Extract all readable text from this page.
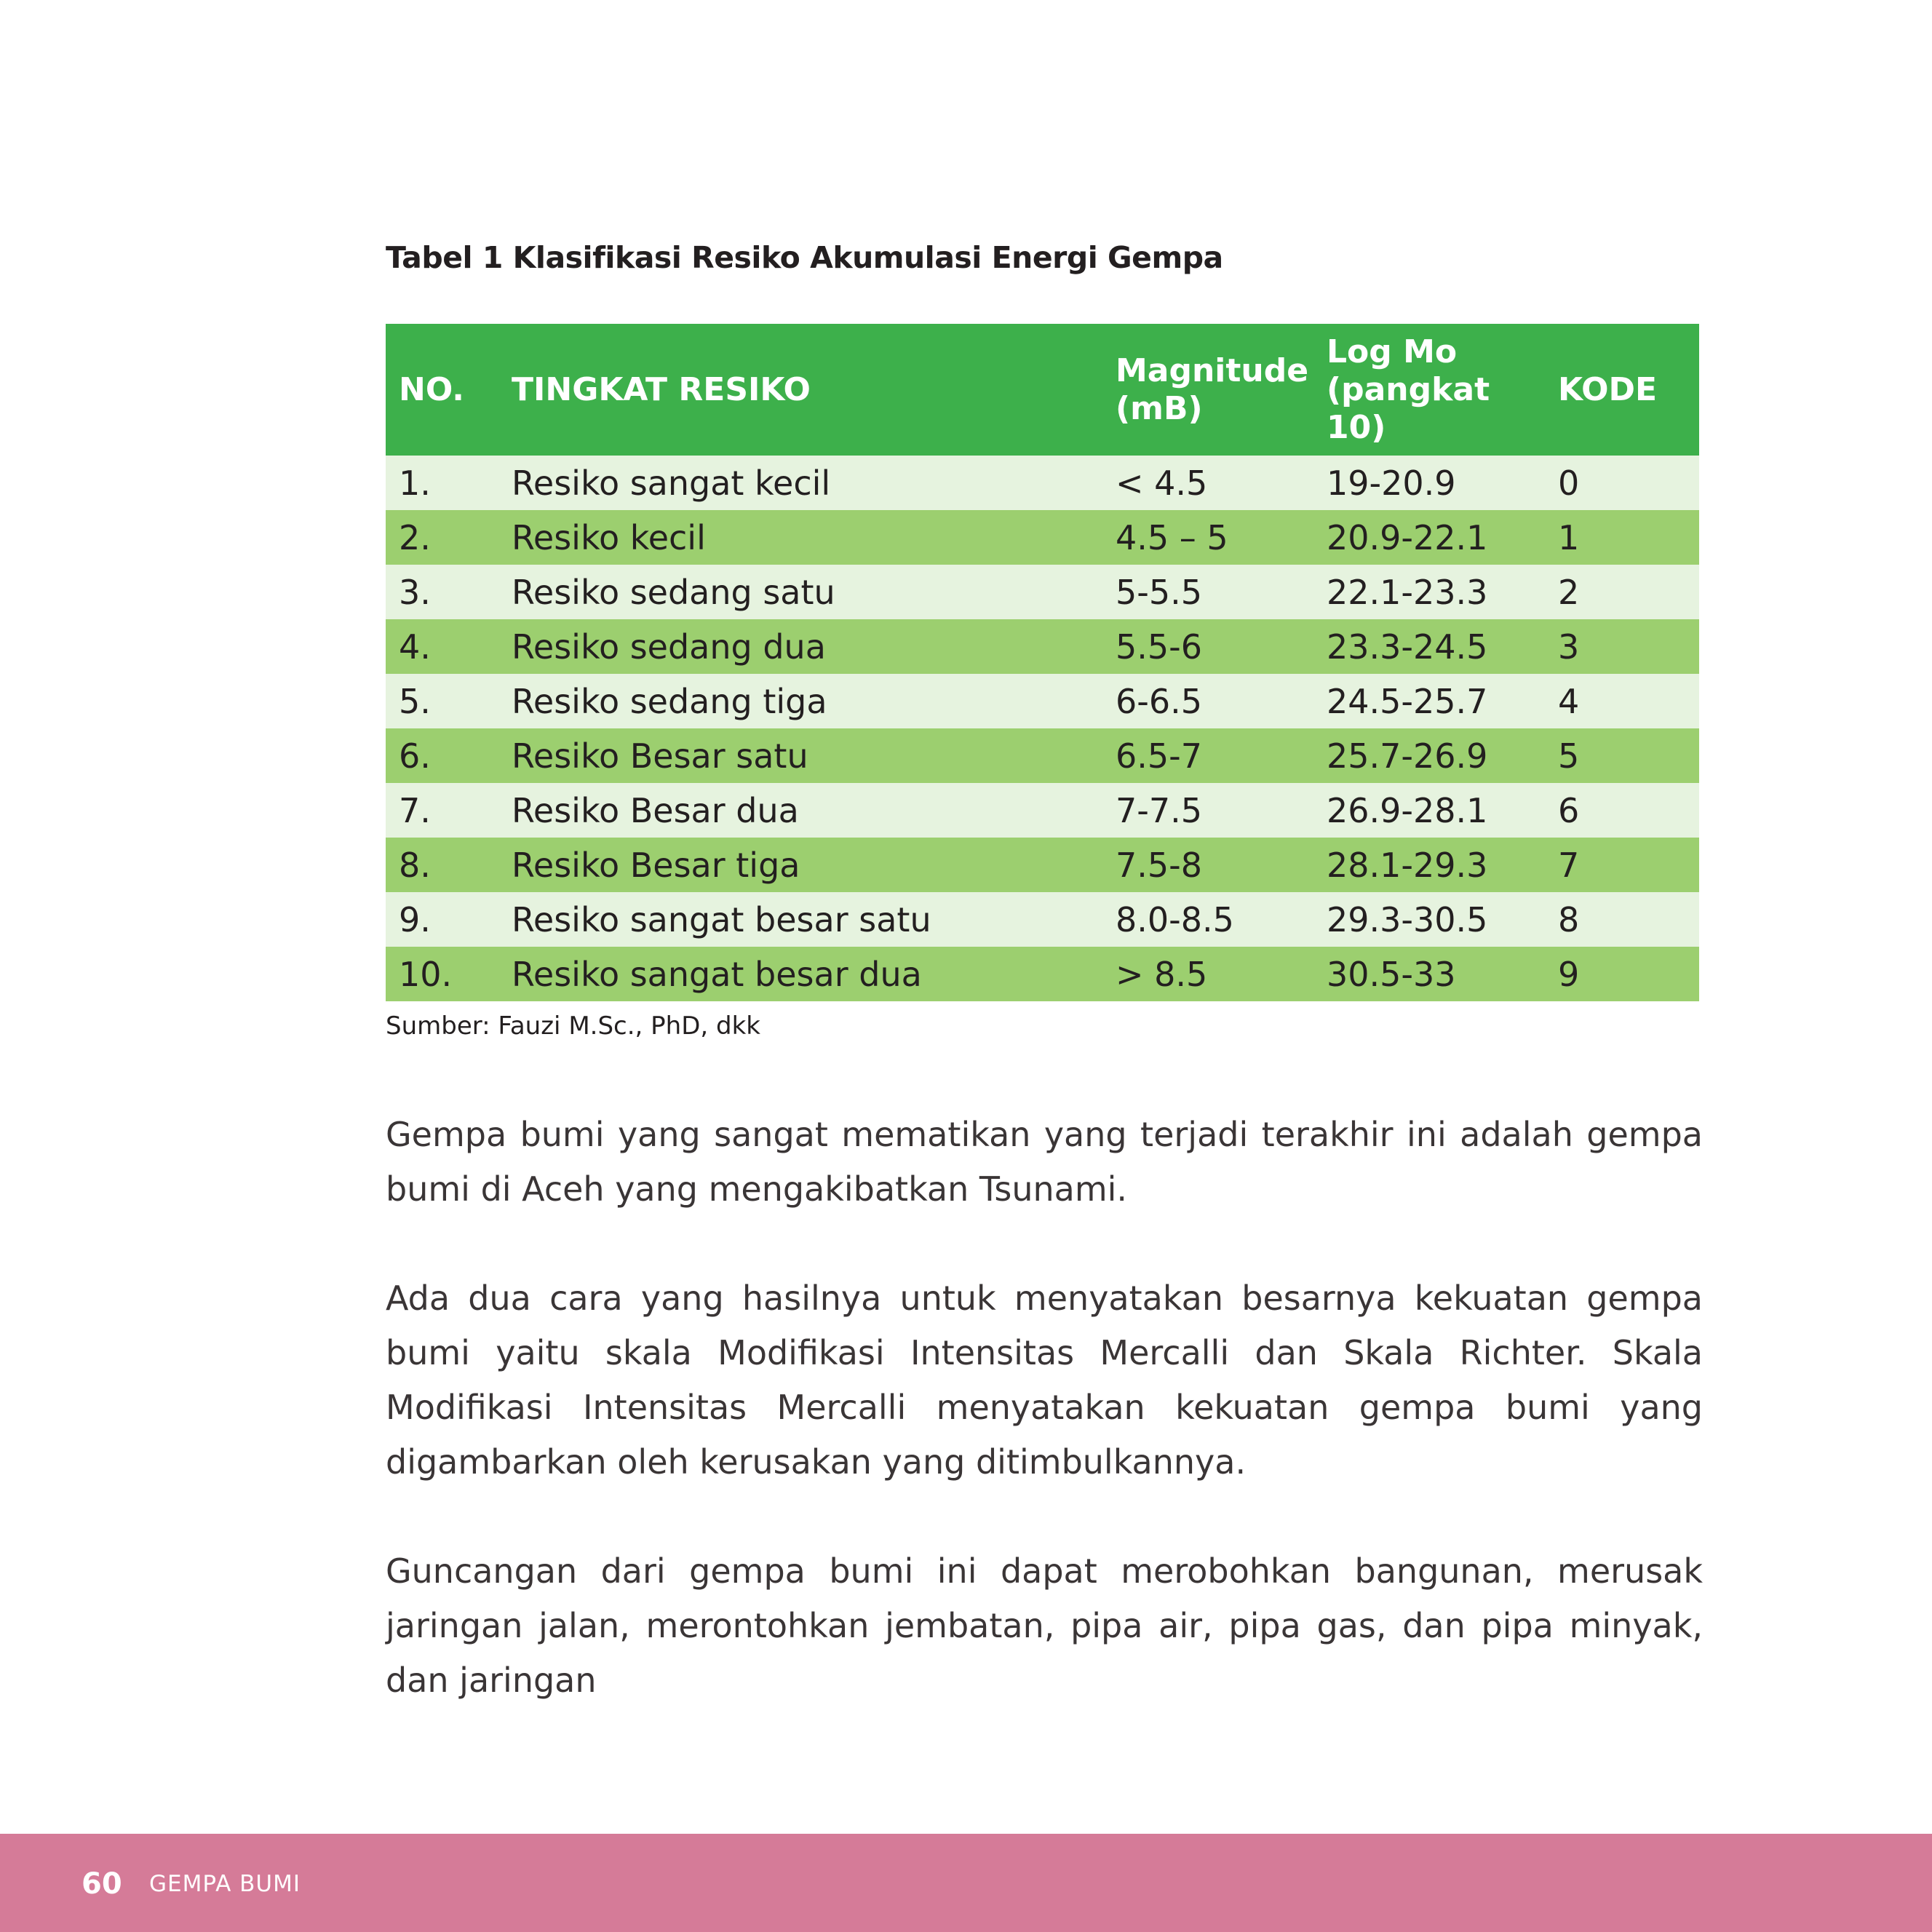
Tabel 1 Klasifikasi Resiko Akumulasi Energi Gempa
NO.	TINGKAT RESIKO	Magnitude (mB)	Log Mo (pangkat 10)	KODE
1.	Resiko sangat kecil	< 4.5	19-20.9	0
2.	Resiko kecil	4.5 – 5	20.9-22.1	1
3.	Resiko sedang satu	5-5.5	22.1-23.3	2
4.	Resiko sedang dua	5.5-6	23.3-24.5	3
5.	Resiko sedang tiga	6-6.5	24.5-25.7	4
6.	Resiko Besar satu	6.5-7	25.7-26.9	5
7.	Resiko Besar dua	7-7.5	26.9-28.1	6
8.	Resiko Besar tiga	7.5-8	28.1-29.3	7
9.	Resiko sangat besar satu	8.0-8.5	29.3-30.5	8
10.	Resiko sangat besar dua	> 8.5	30.5-33	9
Sumber: Fauzi M.Sc., PhD, dkk

Gempa bumi yang sangat mematikan yang terjadi terakhir ini adalah gempa bumi di Aceh yang mengakibatkan Tsunami.

Ada dua cara yang hasilnya untuk menyatakan besarnya kekuatan gempa bumi yaitu skala Modifikasi Intensitas Mercalli dan Skala Richter. Skala Modifikasi Intensitas Mercalli menyatakan kekuatan gempa bumi yang digambarkan oleh kerusakan yang ditimbulkannya.

Guncangan dari gempa bumi ini dapat merobohkan bangunan, merusak jaringan jalan, merontohkan jembatan, pipa air, pipa gas, dan pipa minyak, dan jaringan

60 GEMPA BUMI
